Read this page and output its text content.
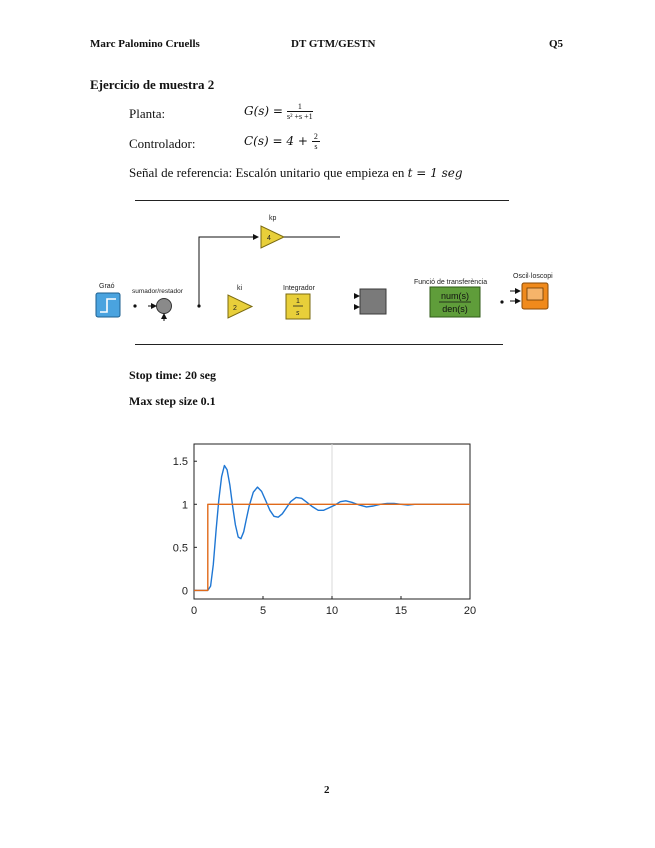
Marc Palomino Cruells	DT GTM/GESTN	Q5
Ejercicio de muestra 2
Planta:	$G(s) = \frac{1}{\text{s² +s +1}}$
Controlador:	$C(s) = 4 + \frac{2}{s}$
Señal de referencia: Escalón unitario que empieza en t = 1 seg
Graó
sumador/restador
kp
4
ki
2
Integrador
1
s
Funció de transferència
num(s)
den(s)
Oscil·loscopi
Stop time: 20 seg
Max step size 0.1
0	5	10	15	20
0
0.5
1
1.5
2
